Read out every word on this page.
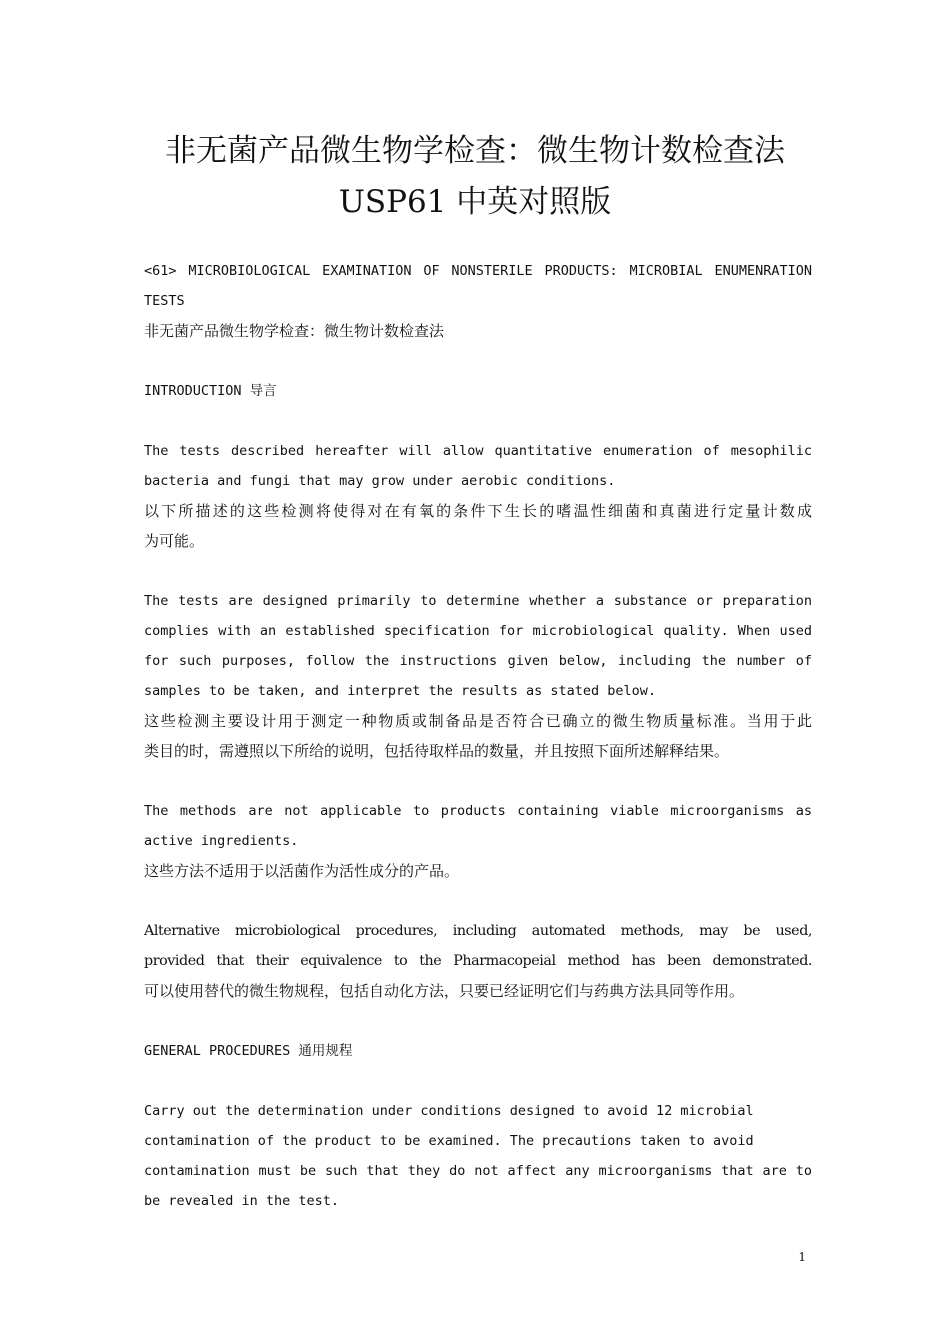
非无菌产品微生物学检查：微生物计数检查法
USP61 中英对照版
<61> MICROBIOLOGICAL EXAMINATION OF NONSTERILE PRODUCTS: MICROBIAL ENUMENRATION
TESTS
非无菌产品微生物学检查：微生物计数检查法
INTRODUCTION 导言
The tests described hereafter will allow quantitative enumeration of mesophilic
bacteria and fungi that may grow under aerobic conditions.
以下所描述的这些检测将使得对在有氧的条件下生长的嗜温性细菌和真菌进行定量计数成
为可能。
The tests are designed primarily to determine whether a substance or preparation
complies with an established specification for microbiological quality. When used
for such purposes, follow the instructions given below, including the number of
samples to be taken, and interpret the results as stated below.
这些检测主要设计用于测定一种物质或制备品是否符合已确立的微生物质量标准。当用于此
类目的时，需遵照以下所给的说明，包括待取样品的数量，并且按照下面所述解释结果。
The methods are not applicable to products containing viable microorganisms as
active ingredients.
这些方法不适用于以活菌作为活性成分的产品。
Alternative microbiological procedures, including automated methods, may be used,
provided that their equivalence to the Pharmacopeial method has been demonstrated.
可以使用替代的微生物规程，包括自动化方法，只要已经证明它们与药典方法具同等作用。
GENERAL PROCEDURES 通用规程
Carry out the determination under conditions designed to avoid 12 microbial
contamination of the product to be examined. The precautions taken to avoid
contamination must be such that they do not affect any microorganisms that are to
be revealed in the test.
1
